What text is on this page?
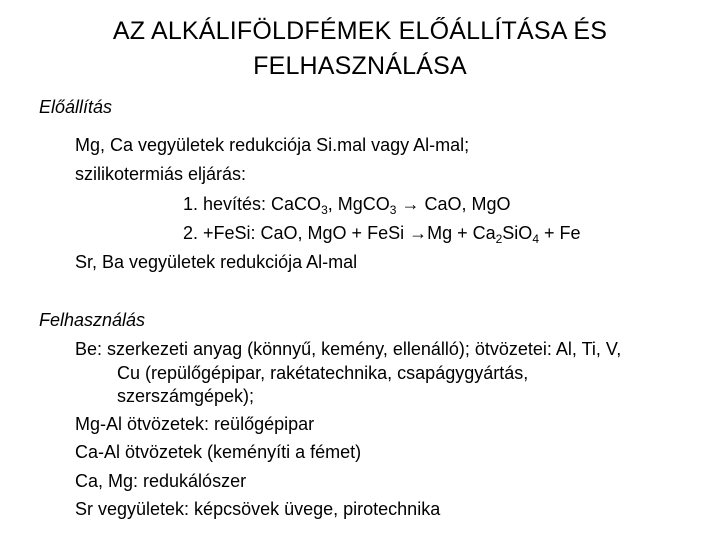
AZ ALKÁLIFÖLDFÉMEK ELŐÁLLÍTÁSA ÉS
FELHASZNÁLÁSA
Előállítás
Mg, Ca vegyületek redukciója Si.mal vagy Al-mal;
szilikotermiás eljárás:
1. hevítés: CaCO$_3$, MgCO$_3$ → CaO, MgO
2. +FeSi: CaO, MgO + FeSi $\to Mg + Ca_2SiO_4 + Fe$
Sr, Ba vegyületek redukciója Al-mal
Felhasználás
Be: szerkezeti anyag (könnyű, kemény, ellenálló); ötvözetei: Al, Ti, V,
Cu (repülőgépipar, rakétatechnika, csapágygyártás,
szerszámgépek);
Mg-Al ötvözetek: reülőgépipar
Ca-Al ötvözetek (keményíti a fémet)
Ca, Mg: redukálószer
Sr vegyületek: képcsövek üvege, pirotechnika
